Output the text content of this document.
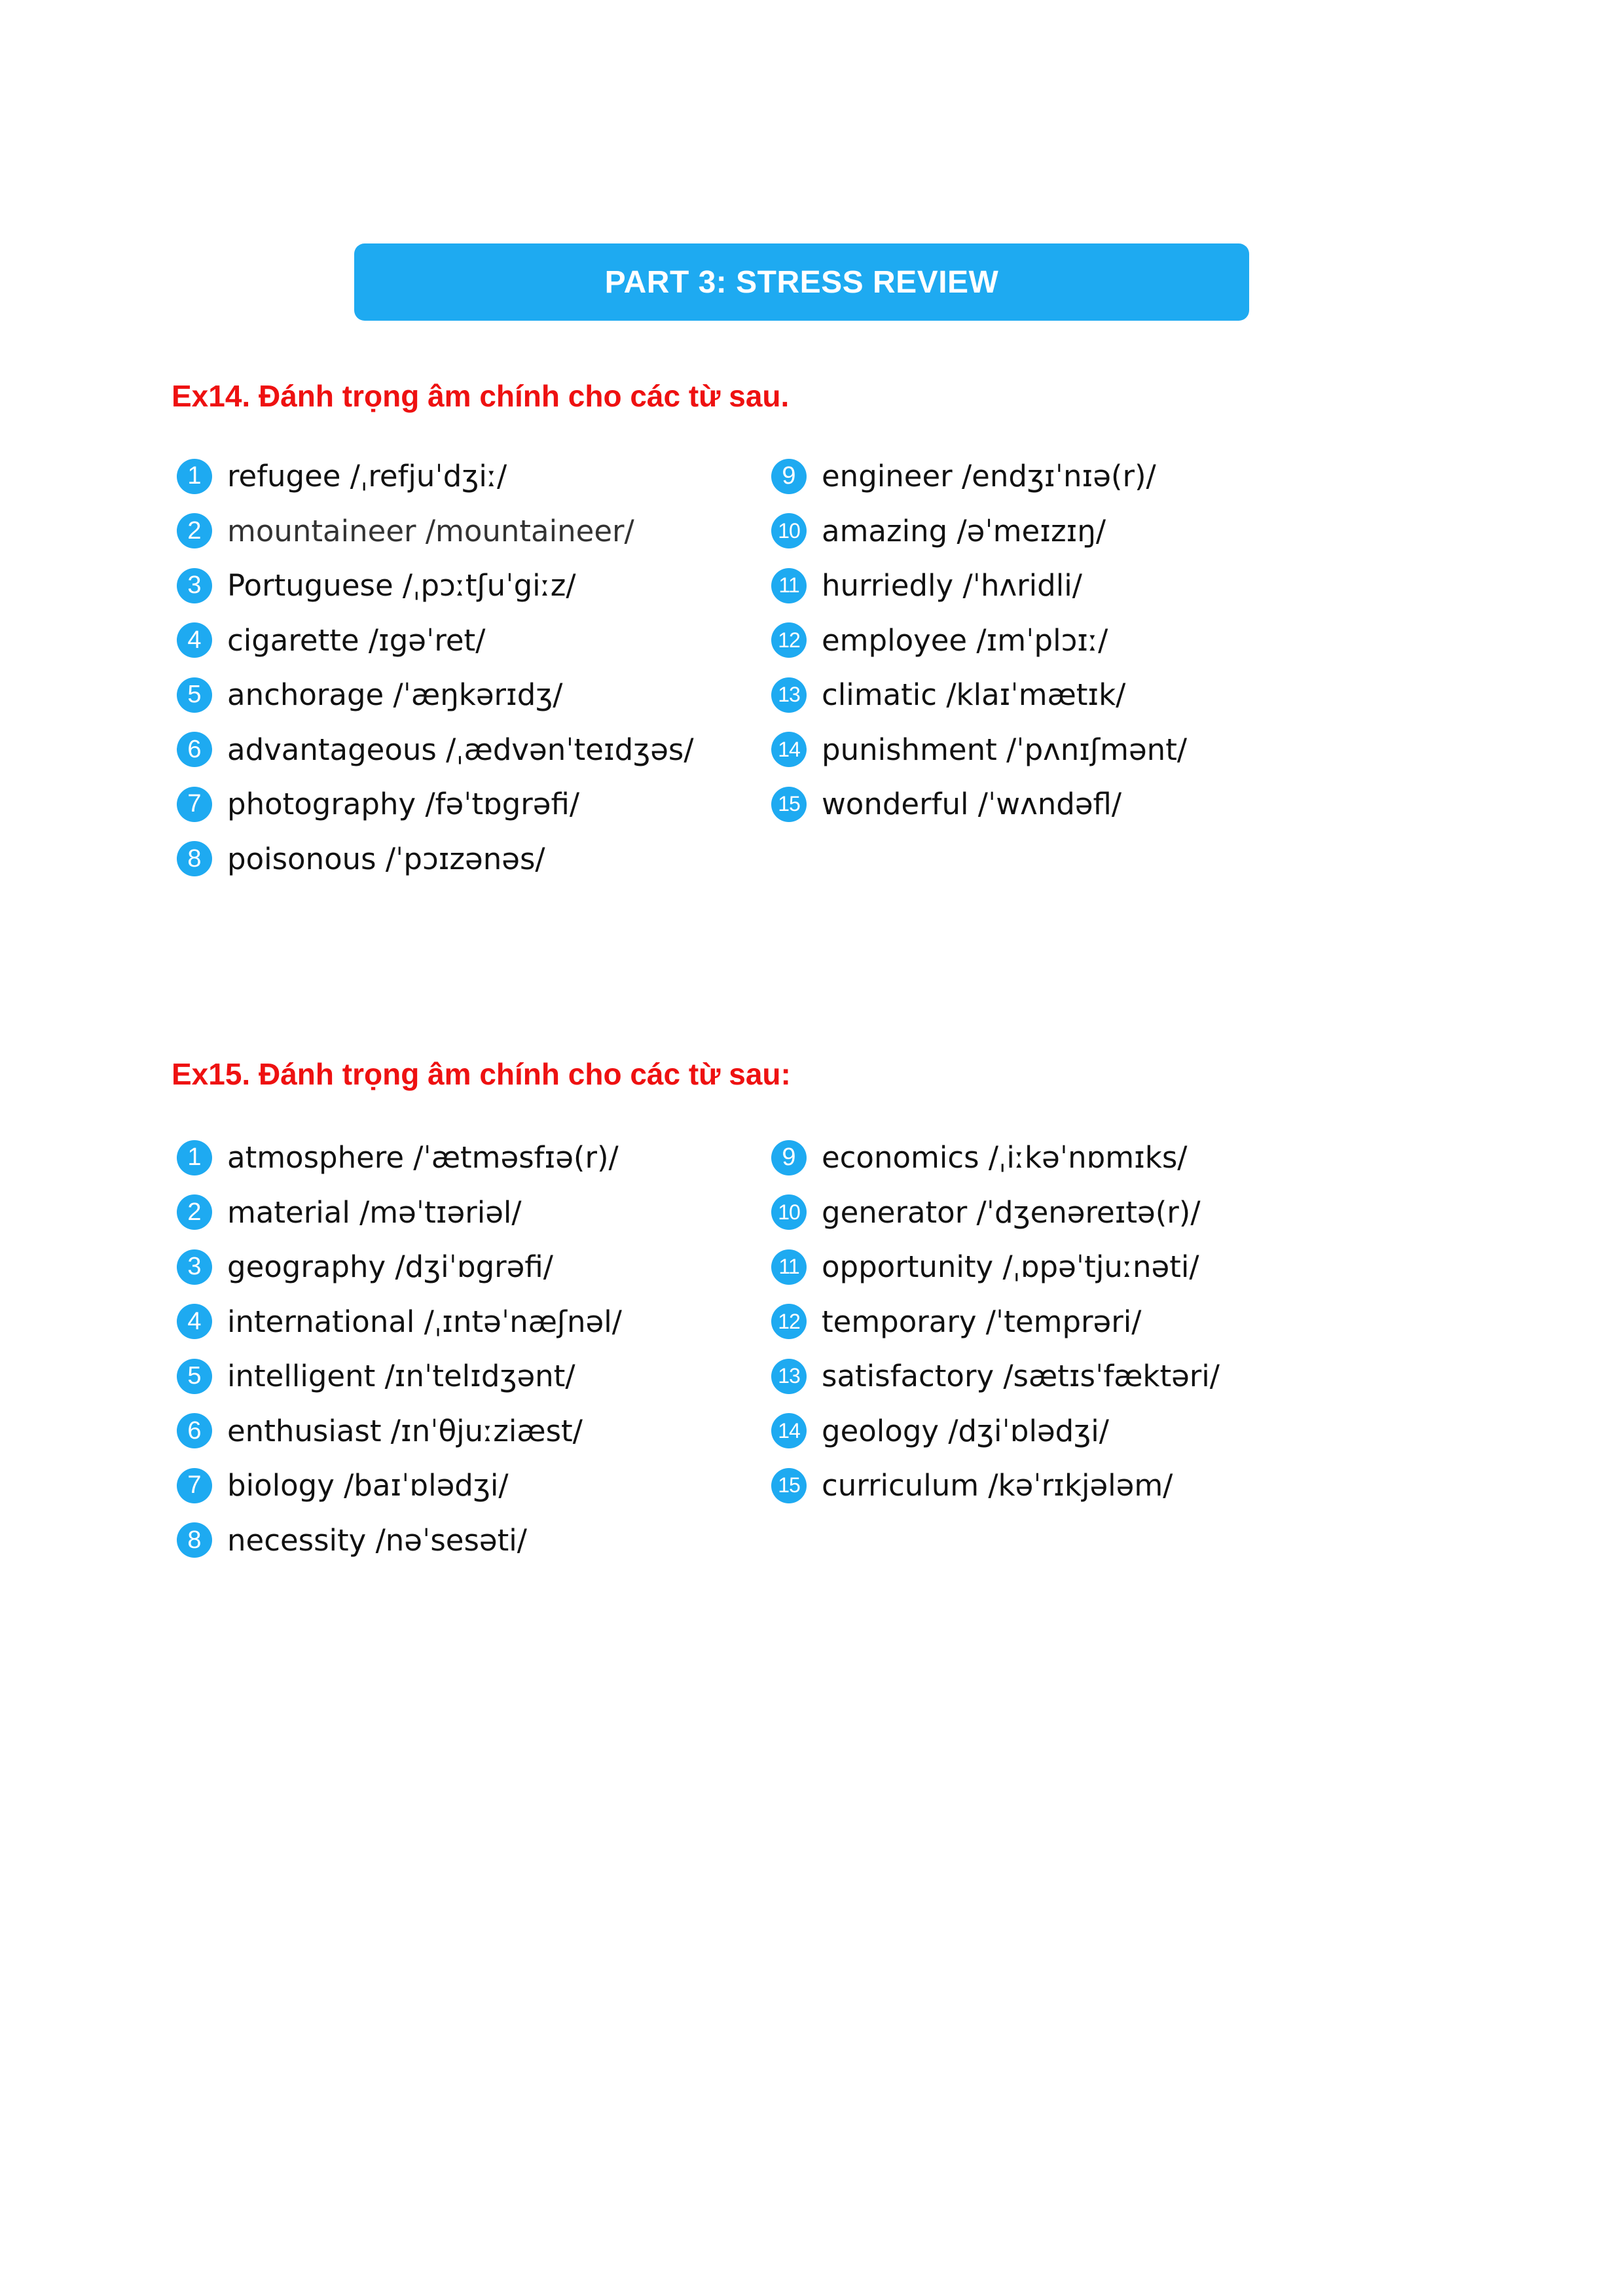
PART 3: STRESS REVIEW
Ex14. Đánh trọng âm chính cho các từ sau.
1 refugee /ˌrefjuˈdʒiː/
2 mountaineer /mountaineer/
3 Portuguese /ˌpɔːtʃuˈgiːz/
4 cigarette /ɪgəˈret/
5 anchorage /ˈæŋkərɪdʒ/
6 advantageous /ˌædvənˈteɪdʒəs/
7 photography /fəˈtɒgrəfi/
8 poisonous /ˈpɔɪzənəs/
9 engineer /endʒɪˈnɪə(r)/
10 amazing /əˈmeɪzɪŋ/
11 hurriedly /ˈhʌridli/
12 employee /ɪmˈplɔɪː/
13 climatic /klaɪˈmætɪk/
14 punishment /ˈpʌnɪʃmənt/
15 wonderful /ˈwʌndəfl/
Ex15. Đánh trọng âm chính cho các từ sau:
1 atmosphere /ˈætməsfɪə(r)/
2 material /məˈtɪəriəl/
3 geography /dʒiˈɒgrəfi/
4 international /ˌɪntəˈnæʃnəl/
5 intelligent /ɪnˈtelɪdʒənt/
6 enthusiast /ɪnˈθjuːziæst/
7 biology /baɪˈɒlədʒi/
8 necessity /nəˈsesəti/
9 economics /ˌiːkəˈnɒmɪks/
10 generator /ˈdʒenəreɪtə(r)/
11 opportunity /ˌɒpəˈtjuːnəti/
12 temporary /ˈtemprəri/
13 satisfactory /sætɪsˈfæktəri/
14 geology /dʒiˈɒlədʒi/
15 curriculum /kəˈrɪkjələm/
